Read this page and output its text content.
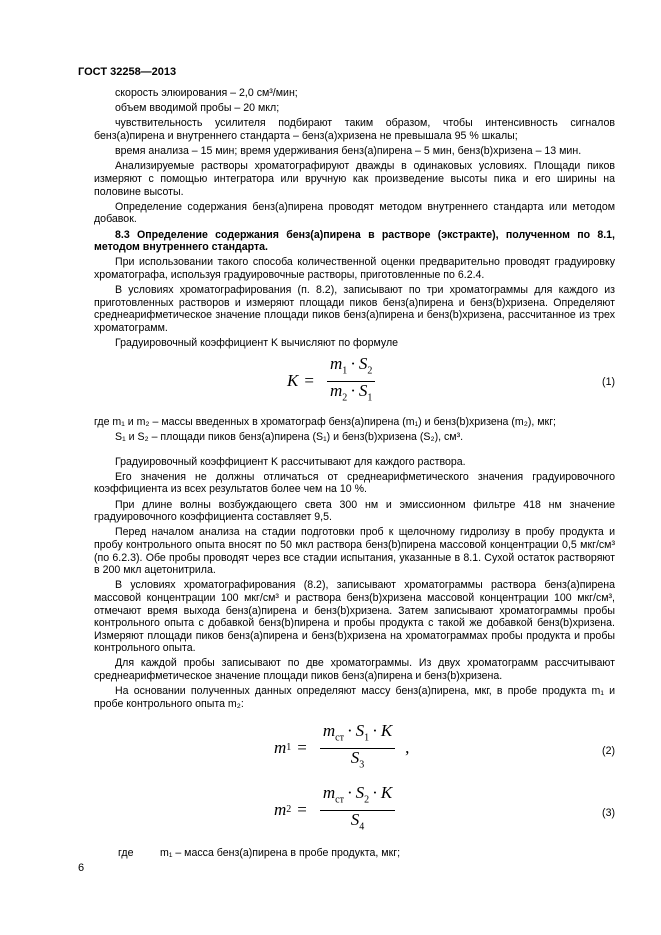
ГОСТ 32258—2013

скорость элюирования – 2,0 см³/мин;

объем вводимой пробы – 20 мкл;

чувствительность усилителя подбирают таким образом, чтобы интенсивность сигналов бенз(а)пирена и внутреннего стандарта – бенз(а)хризена не превышала 95 % шкалы;

время анализа – 15 мин; время удерживания бенз(а)пирена – 5 мин, бенз(b)хризена – 13 мин.

Анализируемые растворы хроматографируют дважды в одинаковых условиях. Площади пиков измеряют с помощью интегратора или вручную как произведение высоты пика и его ширины на половине высоты.

Определение содержания бенз(а)пирена проводят методом внутреннего стандарта или методом добавок.

8.3 Определение содержания бенз(а)пирена в растворе (экстракте), полученном по 8.1, методом внутреннего стандарта.

При использовании такого способа количественной оценки предварительно проводят градуировку хроматографа, используя градуировочные растворы, приготовленные по 6.2.4.

В условиях хроматографирования (п. 8.2), записывают по три хроматограммы для каждого из приготовленных растворов и измеряют площади пиков бенз(а)пирена и бенз(b)хризена. Определяют среднеарифметическое значение площади пиков бенз(а)пирена и бенз(b)хризена, рассчитанное из трех хроматограмм.

Градуировочный коэффициент K вычисляют по формуле

$K = \frac{m_1 \cdot S_2}{m_2 \cdot S_1}$	(1)

где m₁ и m₂ – массы введенных в хроматограф бенз(а)пирена (m₁) и бенз(b)хризена (m₂), мкг;

S₁ и S₂ – площади пиков бенз(а)пирена (S₁) и бенз(b)хризена (S₂), см³.

Градуировочный коэффициент K рассчитывают для каждого раствора.

Его значения не должны отличаться от среднеарифметического значения градуировочного коэффициента из всех результатов более чем на 10 %.

При длине волны возбуждающего света 300 нм и эмиссионном фильтре 418 нм значение градуировочного коэффициента составляет 9,5.

Перед началом анализа на стадии подготовки проб к щелочному гидролизу в пробу продукта и пробу контрольного опыта вносят по 50 мкл раствора бенз(b)пирена массовой концентрации 0,5 мкг/см³ (по 6.2.3). Обе пробы проводят через все стадии испытания, указанные в 8.1. Сухой остаток растворяют в 200 мкл ацетонитрила.

В условиях хроматографирования (8.2), записывают хроматограммы раствора бенз(а)пирена массовой концентрации 100 мкг/см³ и раствора бенз(b)хризена массовой концентрации 100 мкг/см³, отмечают время выхода бенз(а)пирена и бенз(b)хризена. Затем записывают хроматограммы пробы контрольного опыта с добавкой бенз(b)пирена и пробы продукта с такой же добавкой бенз(b)хризена. Измеряют площади пиков бенз(а)пирена и бенз(b)хризена на хроматограммах пробы продукта и пробы контрольного опыта.

Для каждой пробы записывают по две хроматограммы. Из двух хроматограмм рассчитывают среднеарифметическое значение площади пиков бенз(а)пирена и бенз(b)хризена.

На основании полученных данных определяют массу бенз(а)пирена, мкг, в пробе продукта m₁ и пробе контрольного опыта m₂:

m $1 = \frac{m_{ст} \cdot S_1 \cdot K}{S_3}$ ,	(2)
m $2 = \frac{m_{ст} \cdot S_2 \cdot K}{S_4}$	(3)
где	m₁ – масса бенз(а)пирена в пробе продукта, мкг;
6
